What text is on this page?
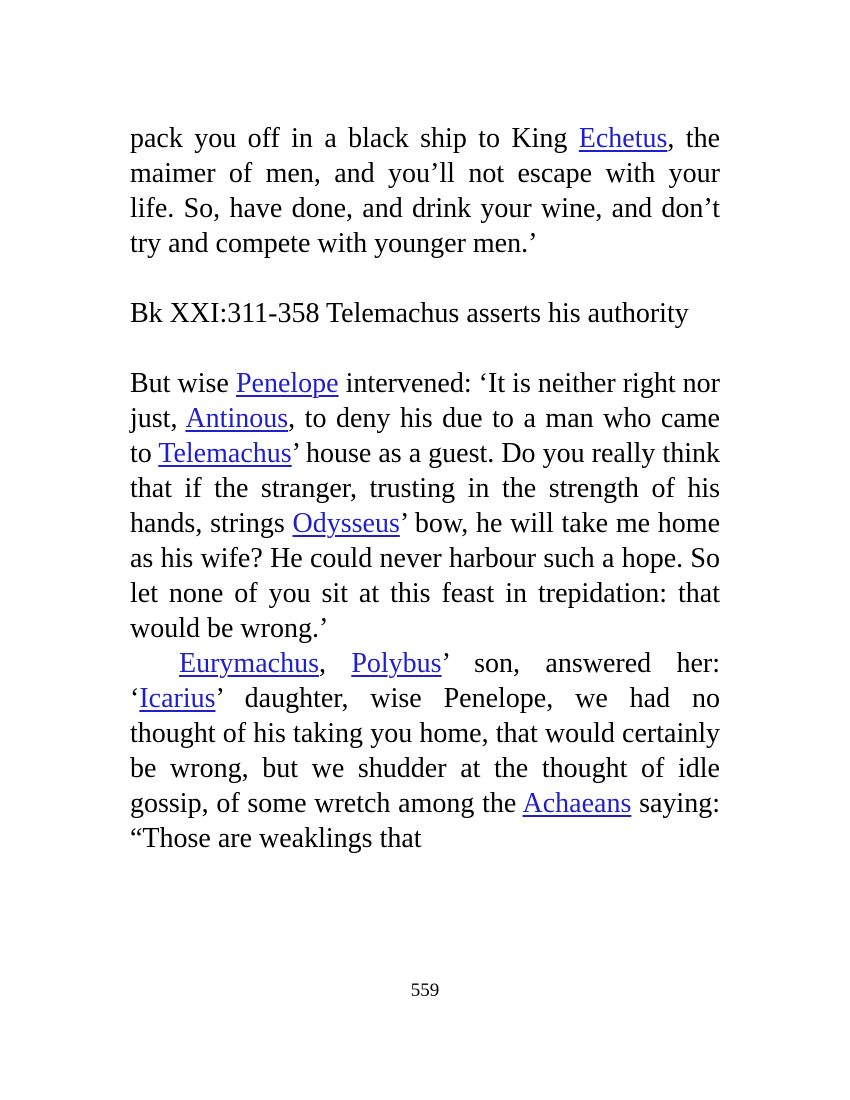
pack you off in a black ship to King Echetus, the maimer of men, and you’ll not escape with your life. So, have done, and drink your wine, and don’t try and compete with younger men.’

Bk XXI:311-358 Telemachus asserts his authority

But wise Penelope intervened: ‘It is neither right nor just, Antinous, to deny his due to a man who came to Telemachus’ house as a guest. Do you really think that if the stranger, trusting in the strength of his hands, strings Odysseus’ bow, he will take me home as his wife? He could never harbour such a hope. So let none of you sit at this feast in trepidation: that would be wrong.’

Eurymachus, Polybus’ son, answered her: ‘Icarius’ daughter, wise Penelope, we had no thought of his taking you home, that would certainly be wrong, but we shudder at the thought of idle gossip, of some wretch among the Achaeans saying: “Those are weaklings that

559
